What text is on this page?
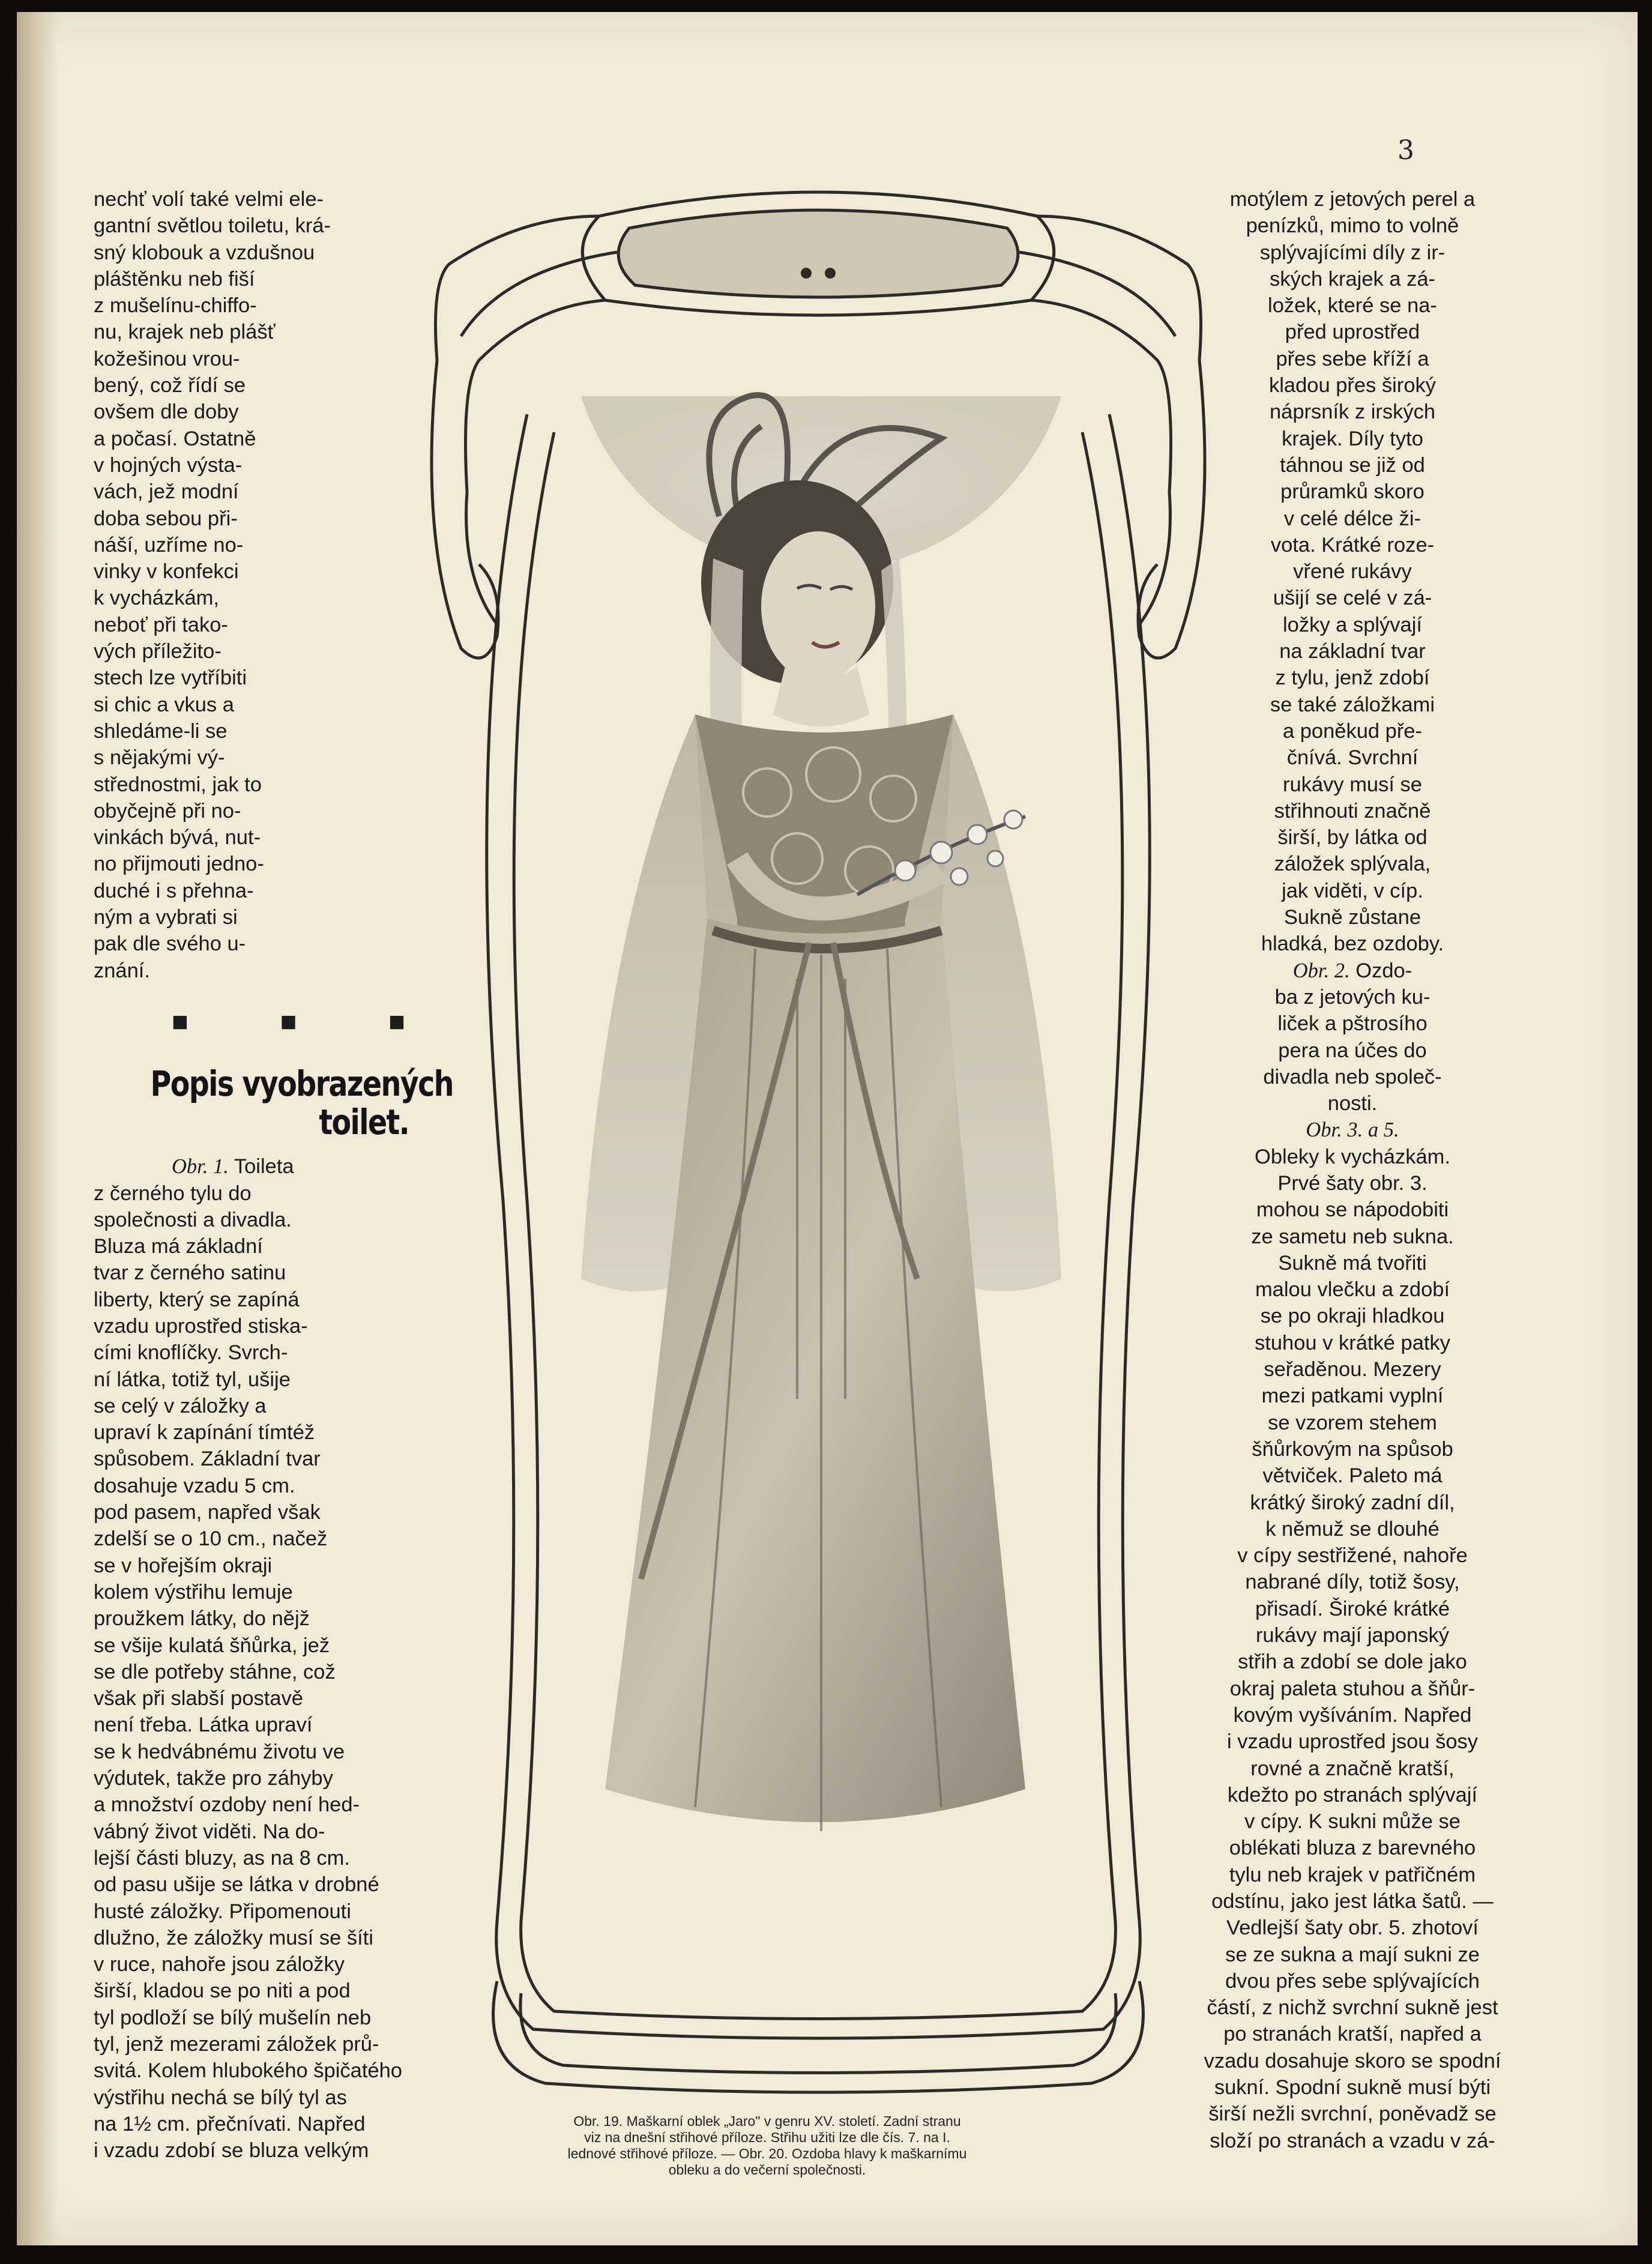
3

nechť volí také velmi ele-
gantní světlou toiletu, krá-
sný klobouk a vzdušnou
pláštěnku neb fiší
z mušelínu-chiffo-
nu, krajek neb plášť
kožešinou vrou-
bený, což řídí se
ovšem dle doby
a počasí. Ostatně
v hojných výsta-
vách, jež modní
doba sebou při-
náší, uzříme no-
vinky v konfekci
k vycházkám,
neboť při tako-
vých příležito-
stech lze vytříbiti
si chic a vkus a
shledáme-li se
s nějakými vý-
střednostmi, jak to
obyčejně při no-
vinkách bývá, nut-
no přijmouti jedno-
duché i s přehna-
ným a vybrati si
pak dle svého u-
znání.

■ ■ ■
Popis vyobrazených
toilet.

Obr. 1. Toileta
z černého tylu do
společnosti a divadla.
Bluza má základní
tvar z černého satinu
liberty, který se zapíná
vzadu uprostřed stiska-
cími knoflíčky. Svrch-
ní látka, totiž tyl, ušije
se celý v záložky a
upraví k zapínání tímtéž
spůsobem. Základní tvar
dosahuje vzadu 5 cm.
pod pasem, napřed však
zdelší se o 10 cm., načež
se v hořejším okraji
kolem výstřihu lemuje
proužkem látky, do nějž
se všije kulatá šňůrka, jež
se dle potřeby stáhne, což
však při slabší postavě
není třeba. Látka upraví
se k hedvábnému životu ve
výdutek, takže pro záhyby
a množství ozdoby není hed-
vábný život viděti. Na do-
lejší části bluzy, as na 8 cm.
od pasu ušije se látka v drobné
husté záložky. Připomenouti
dlužno, že záložky musí se šíti
v ruce, nahoře jsou záložky
širší, kladou se po niti a pod
tyl podloží se bílý mušelín neb
tyl, jenž mezerami záložek prů-
svitá. Kolem hlubokého špičatého
výstřihu nechá se bílý tyl as
na 1½ cm. přečnívati. Napřed
i vzadu zdobí se bluza velkým

motýlem z jetových perel a
penízků, mimo to volně
splývajícími díly z ir-
ských krajek a zá-
ložek, které se na-
před uprostřed
přes sebe kříží a
kladou přes široký
náprsník z irských
krajek. Díly tyto
táhnou se již od
průramků skoro
v celé délce ži-
vota. Krátké roze-
vřené rukávy
ušijí se celé v zá-
ložky a splývají
na základní tvar
z tylu, jenž zdobí
se také záložkami
a poněkud pře-
čnívá. Svrchní
rukávy musí se
střihnouti značně
širší, by látka od
záložek splývala,
jak viděti, v cíp.
Sukně zůstane
hladká, bez ozdoby.

Obr. 2. Ozdo-
ba z jetových ku-
liček a pštrosího
pera na účes do
divadla neb společ-
nosti.

Obr. 3. a 5.
Obleky k vycházkám.
Prvé šaty obr. 3.
mohou se nápodobiti
ze sametu neb sukna.
Sukně má tvořiti
malou vlečku a zdobí
se po okraji hladkou
stuhou v krátké patky
seřaděnou. Mezery
mezi patkami vyplní
se vzorem stehem
šňůrkovým na spůsob
větviček. Paleto má
krátký široký zadní díl,
k němuž se dlouhé
v cípy sestřižené, nahoře
nabrané díly, totiž šosy,
přisadí. Široké krátké
rukávy mají japonský
střih a zdobí se dole jako
okraj paleta stuhou a šňůr-
kovým vyšíváním. Napřed
i vzadu uprostřed jsou šosy
rovné a značně kratší,
kdežto po stranách splývají
v cípy. K sukni může se
oblékati bluza z barevného
tylu neb krajek v patřičném
odstínu, jako jest látka šatů. —
Vedlejší šaty obr. 5. zhotoví
se ze sukna a mají sukni ze
dvou přes sebe splývajících
částí, z nichž svrchní sukně jest
po stranách kratší, napřed a
vzadu dosahuje skoro se spodní
sukní. Spodní sukně musí býti
širší nežli svrchní, poněvadž se
složí po stranách a vzadu v zá-

Obr. 19. Maškarní oblek „Jaro" v genru XV. století. Zadní stranu
viz na dnešní střihové příloze. Střihu užiti lze dle čís. 7. na I.
lednové střihové příloze. — Obr. 20. Ozdoba hlavy k maškarnímu
obleku a do večerní společnosti.
